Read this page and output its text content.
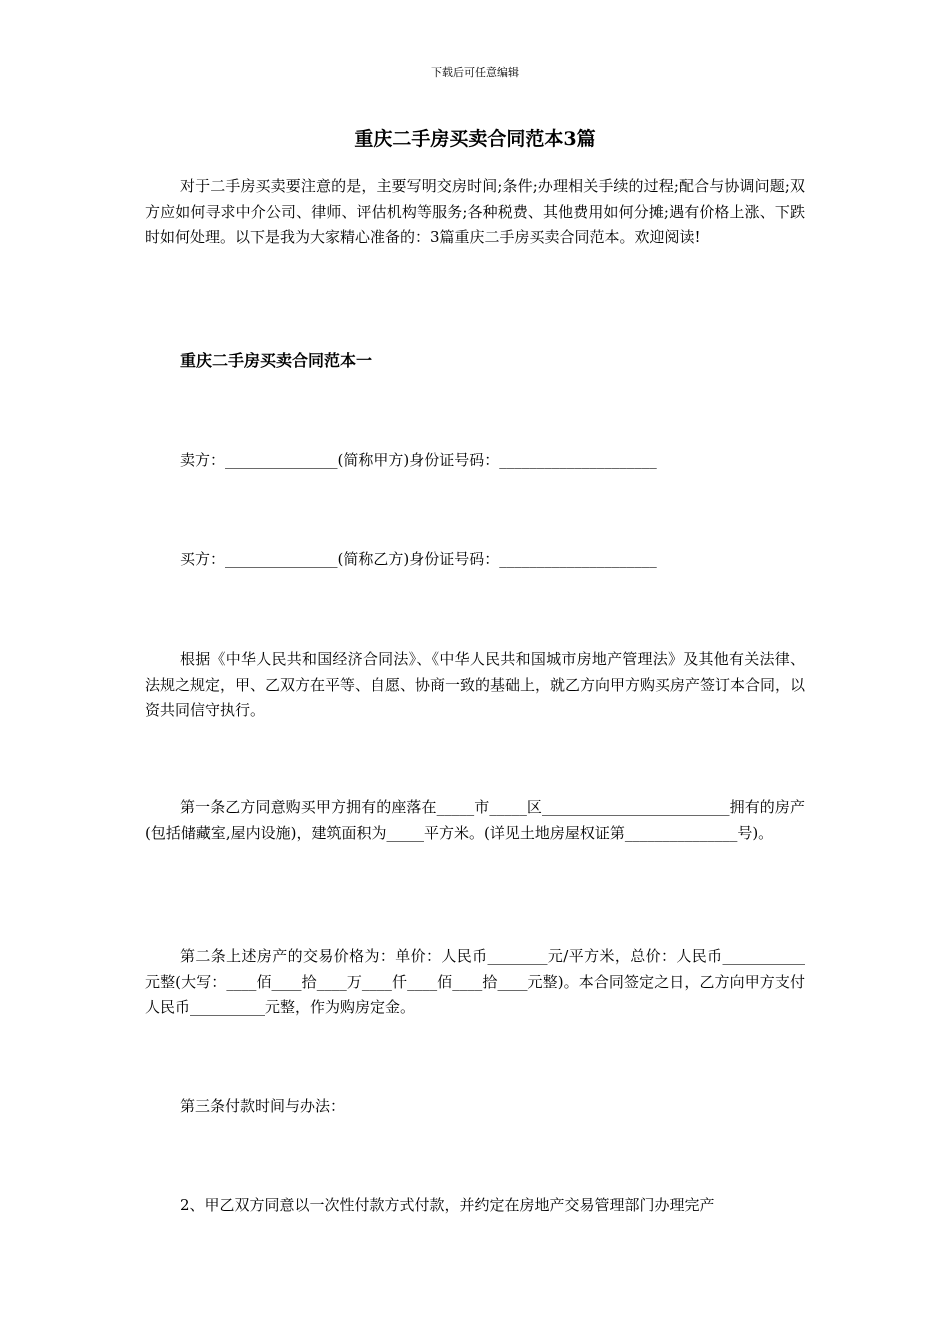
下载后可任意编辑
重庆二手房买卖合同范本3篇

对于二手房买卖要注意的是，主要写明交房时间;条件;办理相关手续的过程;配合与协调问题;双方应如何寻求中介公司、律师、评估机构等服务;各种税费、其他费用如何分摊;遇有价格上涨、下跌时如何处理。以下是我为大家精心准备的：3篇重庆二手房买卖合同范本。欢迎阅读!

重庆二手房买卖合同范本一
卖方：_______________(简称甲方)身份证号码：_____________________
买方：_______________(简称乙方)身份证号码：_____________________

根据《中华人民共和国经济合同法》、《中华人民共和国城市房地产管理法》及其他有关法律、法规之规定，甲、乙双方在平等、自愿、协商一致的基础上，就乙方向甲方购买房产签订本合同，以资共同信守执行。

第一条乙方同意购买甲方拥有的座落在_____市_____区_________________________拥有的房产(包括储藏室,屋内设施)，建筑面积为_____平方米。(详见土地房屋权证第_______________号)。

第二条上述房产的交易价格为：单价：人民币________元/平方米，总价：人民币___________元整(大写：____佰____拾____万____仟____佰____拾____元整)。本合同签定之日，乙方向甲方支付人民币__________元整，作为购房定金。

第三条付款时间与办法：
2、甲乙双方同意以一次性付款方式付款，并约定在房地产交易管理部门办理完产
